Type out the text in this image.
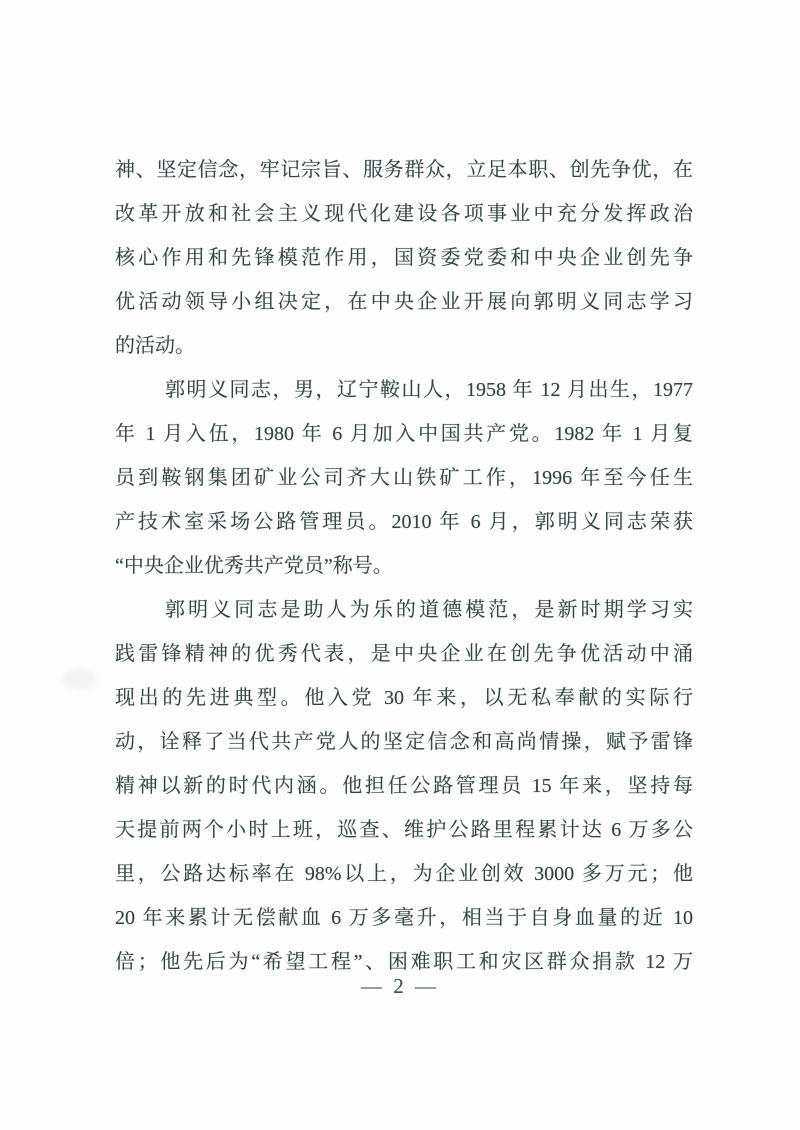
神、坚定信念，牢记宗旨、服务群众，立足本职、创先争优，在
改革开放和社会主义现代化建设各项事业中充分发挥政治
核心作用和先锋模范作用，国资委党委和中央企业创先争
优活动领导小组决定，在中央企业开展向郭明义同志学习
的活动。
郭明义同志，男，辽宁鞍山人，1958 年 12 月出生，1977
年 1 月入伍，1980 年 6 月加入中国共产党。1982 年 1 月复
员到鞍钢集团矿业公司齐大山铁矿工作，1996 年至今任生
产技术室采场公路管理员。2010 年 6 月，郭明义同志荣获
“中央企业优秀共产党员”称号。
郭明义同志是助人为乐的道德模范，是新时期学习实
践雷锋精神的优秀代表，是中央企业在创先争优活动中涌
现出的先进典型。他入党 30 年来，以无私奉献的实际行
动，诠释了当代共产党人的坚定信念和高尚情操，赋予雷锋
精神以新的时代内涵。他担任公路管理员 15 年来，坚持每
天提前两个小时上班，巡查、维护公路里程累计达 6 万多公
里，公路达标率在 98%以上，为企业创效 3000 多万元；他
20 年来累计无偿献血 6 万多毫升，相当于自身血量的近 10
倍；他先后为“希望工程”、困难职工和灾区群众捐款 12 万
— 2 —
